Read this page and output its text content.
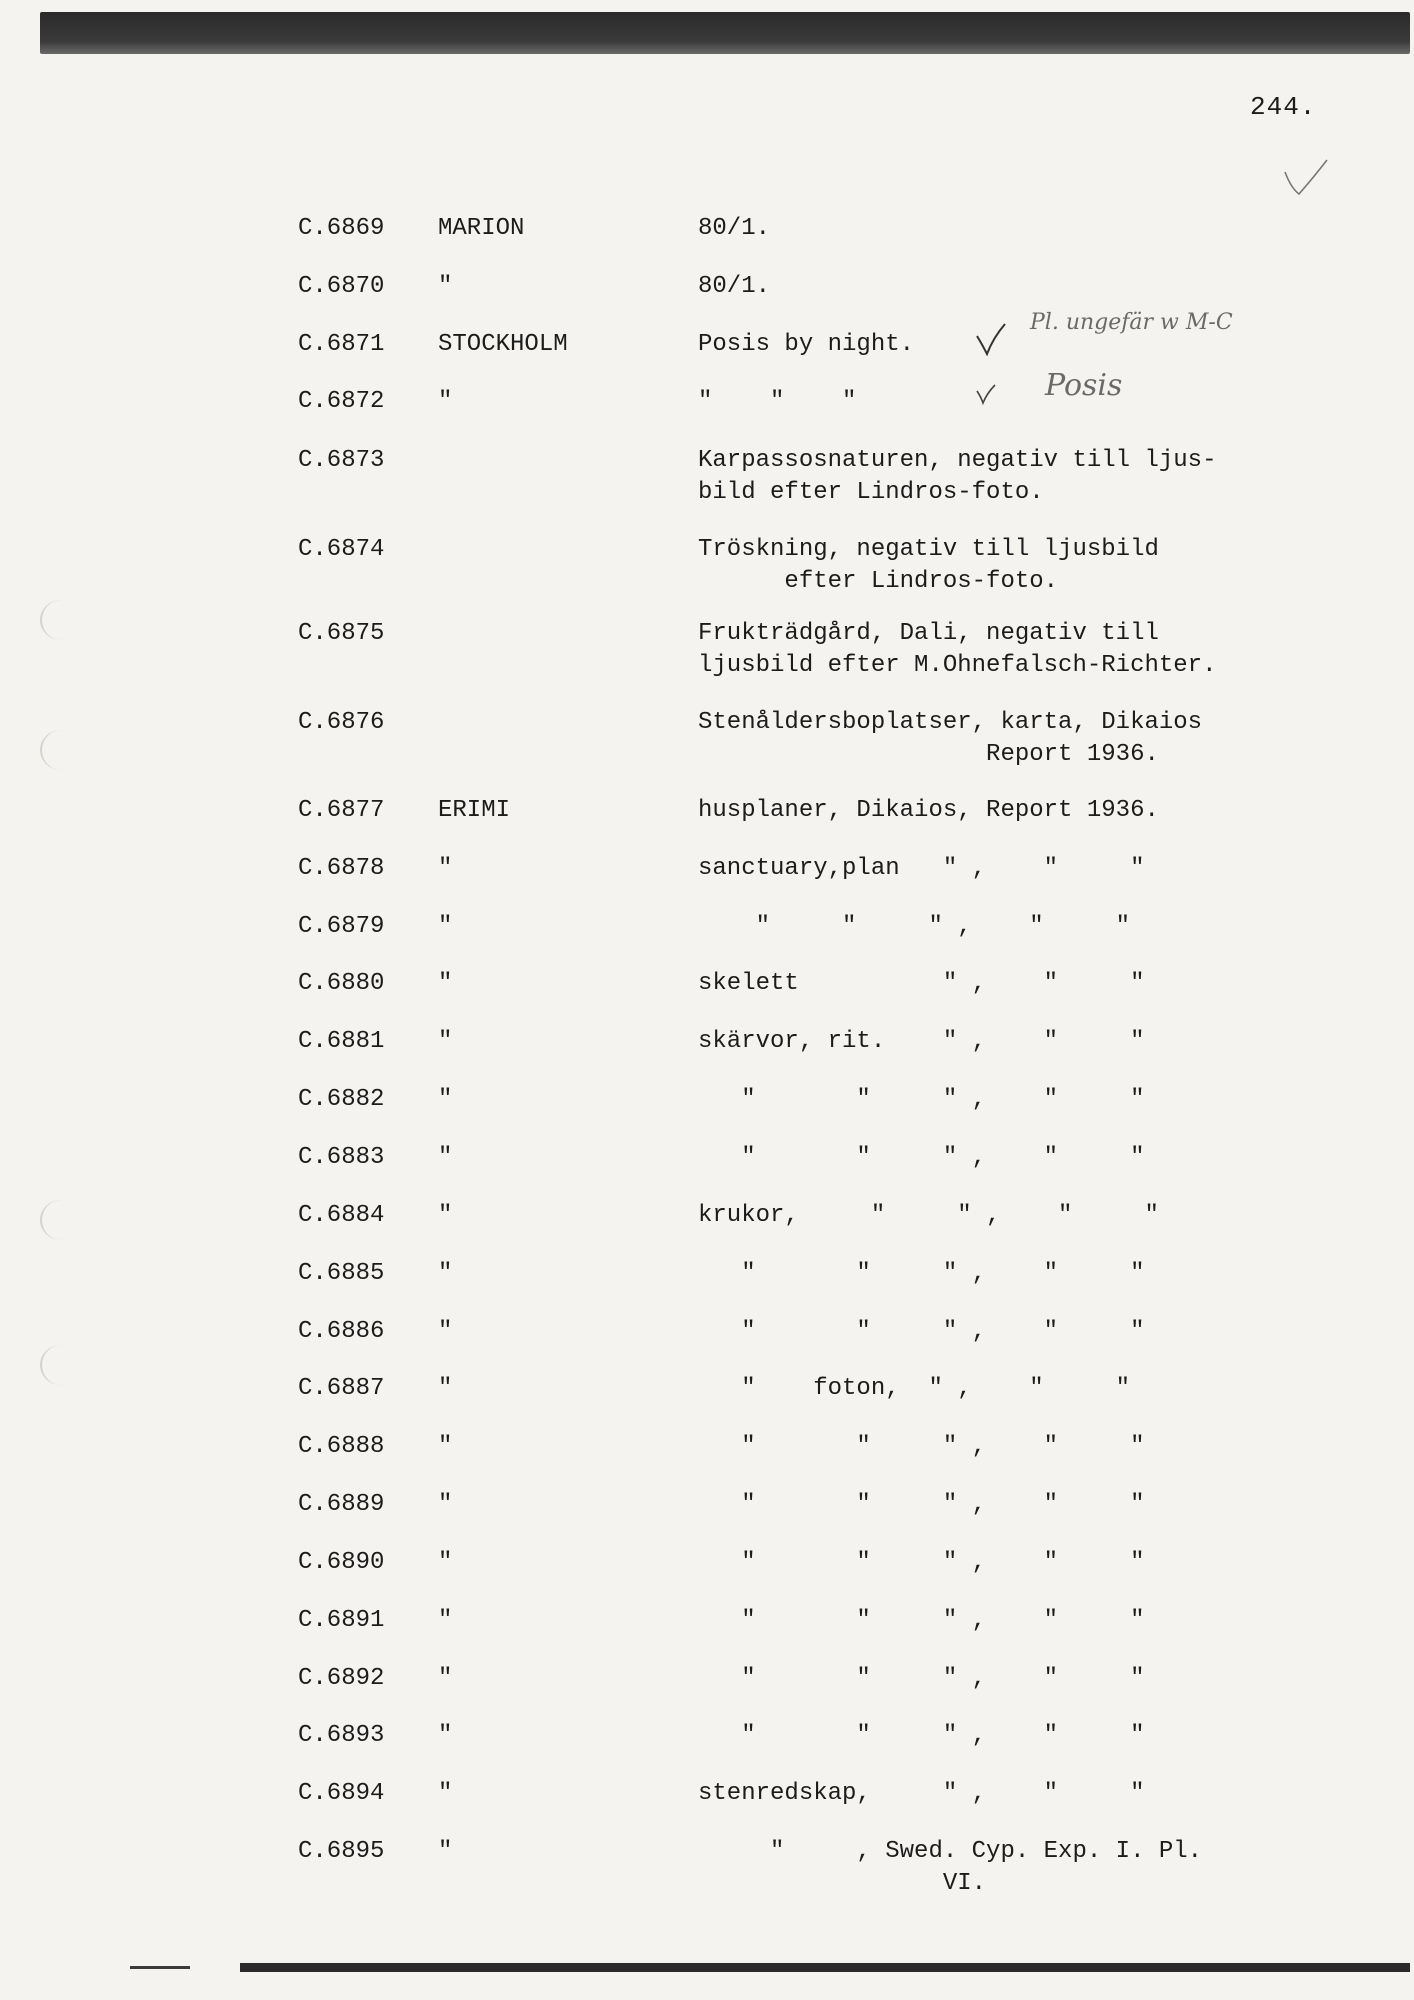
244.
C.6869 MARION	80/1.
C.6870 "	80/1.
C.6871 STOCKHOLM	Posis by night.
C.6872 "	"    "    "
C.6873	Karpassosnaturen, negativ till ljus-
bild efter Lindros-foto.
C.6874	Tröskning, negativ till ljusbild
efter Lindros-foto.
C.6875	Frukträdgård, Dali, negativ till
ljusbild efter M.Ohnefalsch-Richter.
C.6876	Stenåldersboplatser, karta, Dikaios
Report 1936.
C.6877 ERIMI	husplaner, Dikaios, Report 1936.
C.6878 "	sanctuary,plan   " ,    "     "
C.6879 "	"     "     " ,    "     "
C.6880 "	skelett          " ,    "     "
C.6881 "	skärvor, rit.    " ,    "     "
C.6882 "	"       "     " ,    "     "
C.6883 "	"       "     " ,    "     "
C.6884 "	krukor,     "     " ,    "     "
C.6885 "	"       "     " ,    "     "
C.6886 "	"       "     " ,    "     "
C.6887 "	"    foton,  " ,    "     "
C.6888 "	"       "     " ,    "     "
C.6889 "	"       "     " ,    "     "
C.6890 "	"       "     " ,    "     "
C.6891 "	"       "     " ,    "     "
C.6892 "	"       "     " ,    "     "
C.6893 "	"       "     " ,    "     "
C.6894 "	stenredskap,     " ,    "     "
C.6895 "	"     , Swed. Cyp. Exp. I. Pl.
VI.
Pl. ungefär w M-C
Posis
